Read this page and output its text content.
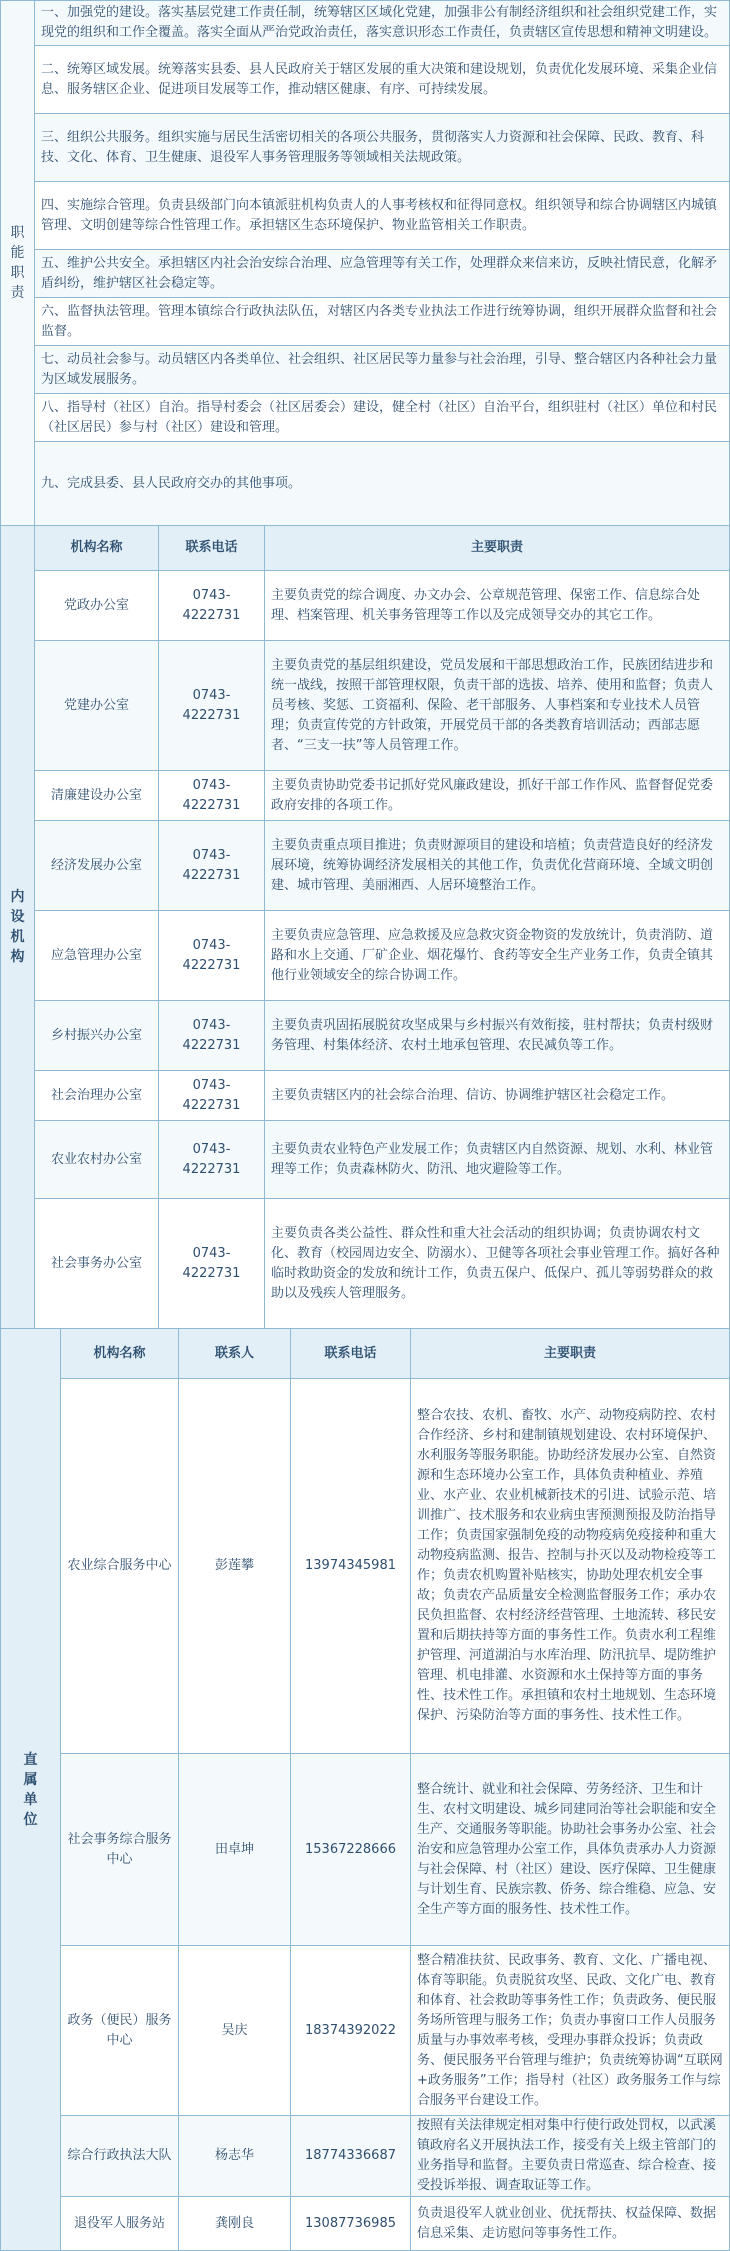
职能职责
	一、加强党的建设。落实基层党建工作责任制，统筹辖区区域化党建，加强非公有制经济组织和社会组织党建工作，实现党的组织和工作全覆盖。落实全面从严治党政治责任，落实意识形态工作责任，负责辖区宣传思想和精神文明建设。
二、统筹区域发展。统筹落实县委、县人民政府关于辖区发展的重大决策和建设规划，负责优化发展环境、采集企业信息、服务辖区企业、促进项目发展等工作，推动辖区健康、有序、可持续发展。
三、组织公共服务。组织实施与居民生活密切相关的各项公共服务，贯彻落实人力资源和社会保障、民政、教育、科技、文化、体育、卫生健康、退役军人事务管理服务等领域相关法规政策。
四、实施综合管理。负责县级部门向本镇派驻机构负责人的人事考核权和征得同意权。组织领导和综合协调辖区内城镇管理、文明创建等综合性管理工作。承担辖区生态环境保护、物业监管相关工作职责。
五、维护公共安全。承担辖区内社会治安综合治理、应急管理等有关工作，处理群众来信来访，反映社情民意，化解矛盾纠纷，维护辖区社会稳定等。
六、监督执法管理。管理本镇综合行政执法队伍，对辖区内各类专业执法工作进行统筹协调，组织开展群众监督和社会监督。
七、动员社会参与。动员辖区内各类单位、社会组织、社区居民等力量参与社会治理，引导、整合辖区内各种社会力量为区域发展服务。
八、指导村（社区）自治。指导村委会（社区居委会）建设，健全村（社区）自治平台，组织驻村（社区）单位和村民（社区居民）参与村（社区）建设和管理。
九、完成县委、县人民政府交办的其他事项。
内设机构	机构名称	联系电话	主要职责
	党政办公室	0743-4222731	主要负责党的综合调度、办文办会、公章规范管理、保密工作、信息综合处理、档案管理、机关事务管理等工作以及完成领导交办的其它工作。
	党建办公室	0743-4222731	主要负责党的基层组织建设，党员发展和干部思想政治工作，民族团结进步和统一战线，按照干部管理权限，负责干部的选拔、培养、使用和监督；负责人员考核、奖惩、工资福利、保险、老干部服务、人事档案和专业技术人员管理；负责宣传党的方针政策，开展党员干部的各类教育培训活动；西部志愿者、“三支一扶”等人员管理工作。
	清廉建设办公室	0743-4222731	主要负责协助党委书记抓好党风廉政建设，抓好干部工作作风、监督督促党委政府安排的各项工作。
	经济发展办公室	0743-4222731	主要负责重点项目推进；负责财源项目的建设和培植；负责营造良好的经济发展环境，统筹协调经济发展相关的其他工作，负责优化营商环境、全域文明创建、城市管理、美丽湘西、人居环境整治工作。
	应急管理办公室	0743-4222731	主要负责应急管理、应急救援及应急救灾资金物资的发放统计，负责消防、道路和水上交通、厂矿企业、烟花爆竹、食药等安全生产业务工作，负责全镇其他行业领域安全的综合协调工作。
	乡村振兴办公室	0743-4222731	主要负责巩固拓展脱贫攻坚成果与乡村振兴有效衔接，驻村帮扶；负责村级财务管理、村集体经济、农村土地承包管理、农民减负等工作。
	社会治理办公室	0743-4222731	主要负责辖区内的社会综合治理、信访、协调维护辖区社会稳定工作。
	农业农村办公室	0743-4222731	主要负责农业特色产业发展工作；负责辖区内自然资源、规划、水利、林业管理等工作；负责森林防火、防汛、地灾避险等工作。
	社会事务办公室	0743-4222731	主要负责各类公益性、群众性和重大社会活动的组织协调；负责协调农村文化、教育（校园周边安全、防溺水）、卫健等各项社会事业管理工作。搞好各种临时救助资金的发放和统计工作，负责五保户、低保户、孤儿等弱势群众的救助以及残疾人管理服务。
直属单位	机构名称	联系人	联系电话	主要职责
	农业综合服务中心	彭莲攀	13974345981	整合农技、农机、畜牧、水产、动物疫病防控、农村合作经济、乡村和建制镇规划建设、农村环境保护、水利服务等服务职能。协助经济发展办公室、自然资源和生态环境办公室工作，具体负责种植业、养殖业、水产业、农业机械新技术的引进、试验示范、培训推广、技术服务和农业病虫害预测预报及防治指导工作；负责国家强制免疫的动物疫病免疫接种和重大动物疫病监测、报告、控制与扑灭以及动物检疫等工作；负责农机购置补贴核实，协助处理农机安全事故；负责农产品质量安全检测监督服务工作；承办农民负担监督、农村经济经营管理、土地流转、移民安置和后期扶持等方面的事务性工作。负责水利工程维护管理、河道湖泊与水库治理、防汛抗旱、堤防维护管理、机电排灌、水资源和水土保持等方面的事务性、技术性工作。承担镇和农村土地规划、生态环境保护、污染防治等方面的事务性、技术性工作。
	社会事务综合服务中心	田卓坤	15367228666	整合统计、就业和社会保障、劳务经济、卫生和计生、农村文明建设、城乡同建同治等社会职能和安全生产、交通服务等职能。协助社会事务办公室、社会治安和应急管理办公室工作，具体负责承办人力资源与社会保障、村（社区）建设、医疗保障、卫生健康与计划生育、民族宗教、侨务、综合维稳、应急、安全生产等方面的服务性、技术性工作。
	政务（便民）服务中心	吴庆	18374392022	整合精准扶贫、民政事务、教育、文化、广播电视、体育等职能。负责脱贫攻坚、民政、文化广电、教育和体育、社会救助等事务性工作；负责政务、便民服务场所管理与服务工作；负责办事窗口工作人员服务质量与办事效率考核，受理办事群众投诉；负责政务、便民服务平台管理与维护；负责统筹协调“互联网+政务服务”工作；指导村（社区）政务服务工作与综合服务平台建设工作。
	综合行政执法大队	杨志华	18774336687	按照有关法律规定相对集中行使行政处罚权，以武溪镇政府名义开展执法工作，接受有关上级主管部门的业务指导和监督。主要负责日常巡查、综合检查、接受投诉举报、调查取证等工作。
	退役军人服务站	龚刚良	13087736985	负责退役军人就业创业、优抚帮扶、权益保障、数据信息采集、走访慰问等事务性工作。
